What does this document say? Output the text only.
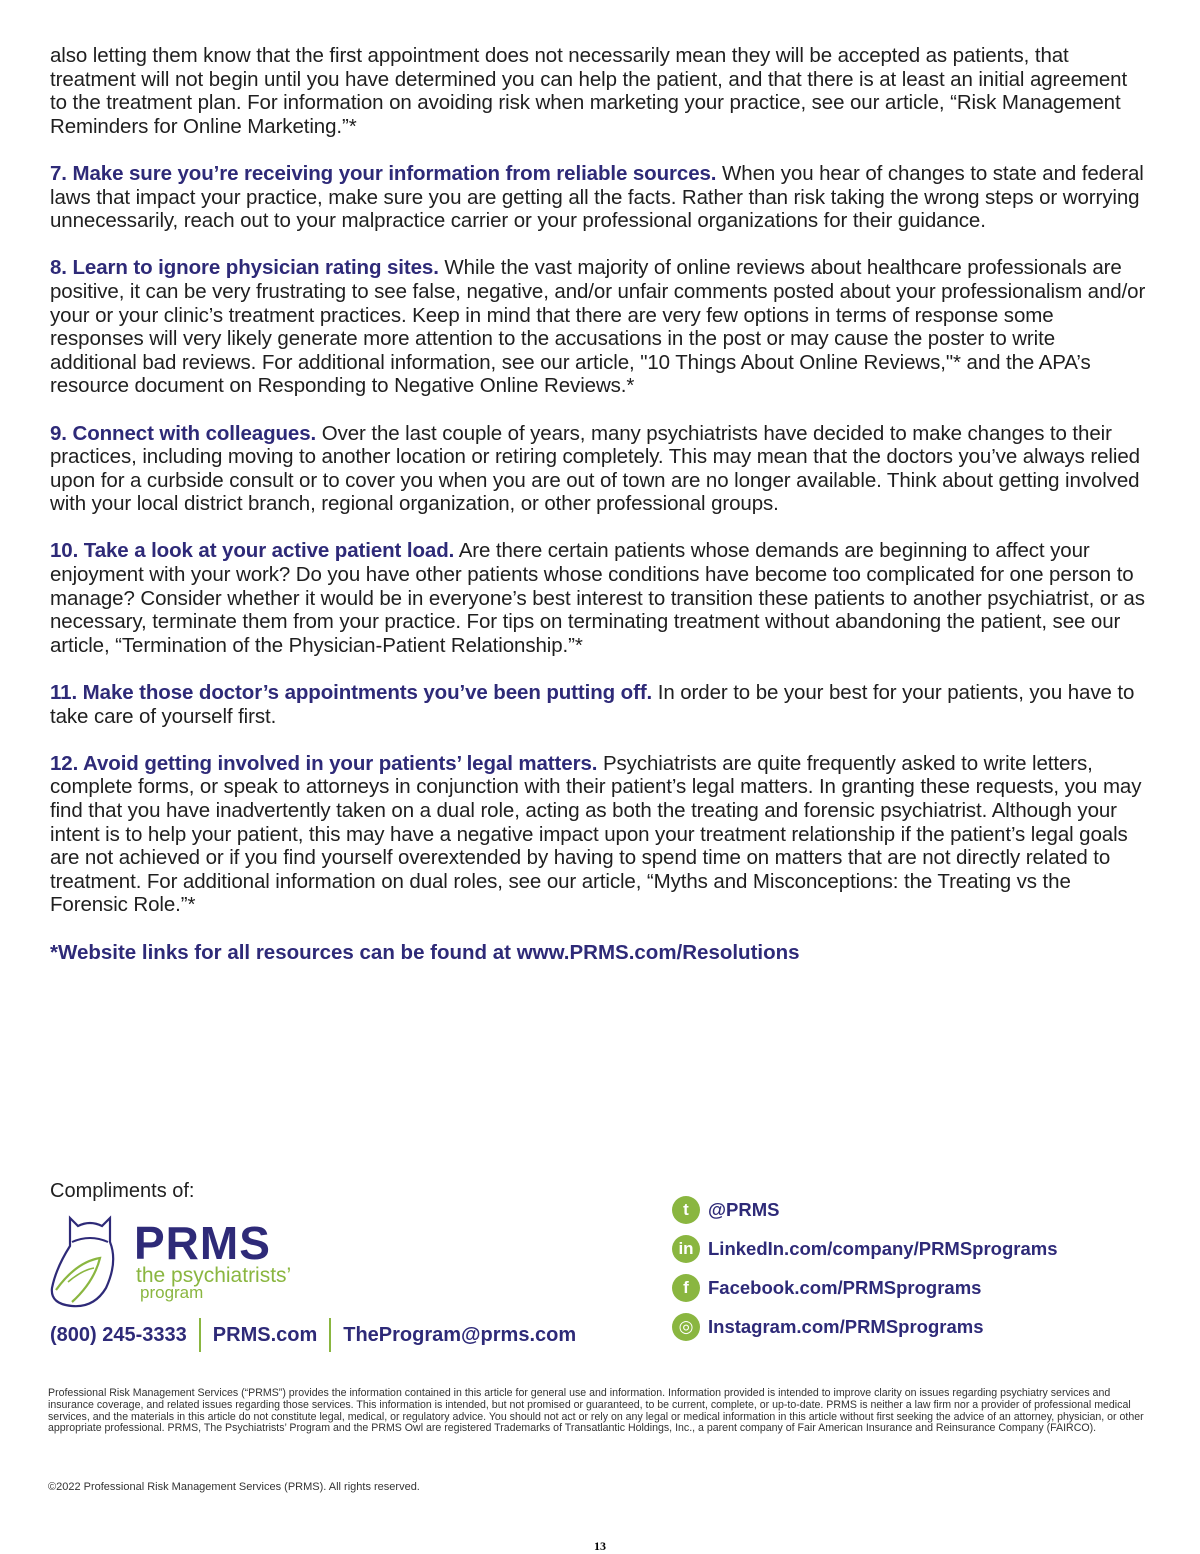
also letting them know that the first appointment does not necessarily mean they will be accepted as patients, that treatment will not begin until you have determined you can help the patient, and that there is at least an initial agreement to the treatment plan. For information on avoiding risk when marketing your practice, see our article, “Risk Management Reminders for Online Marketing.”*

7. Make sure you’re receiving your information from reliable sources. When you hear of changes to state and federal laws that impact your practice, make sure you are getting all the facts. Rather than risk taking the wrong steps or worrying unnecessarily, reach out to your malpractice carrier or your professional organizations for their guidance.

8. Learn to ignore physician rating sites. While the vast majority of online reviews about healthcare professionals are positive, it can be very frustrating to see false, negative, and/or unfair comments posted about your professionalism and/or your or your clinic’s treatment practices. Keep in mind that there are very few options in terms of response some responses will very likely generate more attention to the accusations in the post or may cause the poster to write additional bad reviews. For additional information, see our article, "10 Things About Online Reviews,"* and the APA’s resource document on Responding to Negative Online Reviews.*

9. Connect with colleagues. Over the last couple of years, many psychiatrists have decided to make changes to their practices, including moving to another location or retiring completely. This may mean that the doctors you’ve always relied upon for a curbside consult or to cover you when you are out of town are no longer available. Think about getting involved with your local district branch, regional organization, or other professional groups.

10. Take a look at your active patient load. Are there certain patients whose demands are beginning to affect your enjoyment with your work? Do you have other patients whose conditions have become too complicated for one person to manage? Consider whether it would be in everyone’s best interest to transition these patients to another psychiatrist, or as necessary, terminate them from your practice. For tips on terminating treatment without abandoning the patient, see our article, “Termination of the Physician-Patient Relationship.”*

11. Make those doctor’s appointments you’ve been putting off. In order to be your best for your patients, you have to take care of yourself first.

12. Avoid getting involved in your patients’ legal matters. Psychiatrists are quite frequently asked to write letters, complete forms, or speak to attorneys in conjunction with their patient’s legal matters. In granting these requests, you may find that you have inadvertently taken on a dual role, acting as both the treating and forensic psychiatrist. Although your intent is to help your patient, this may have a negative impact upon your treatment relationship if the patient’s legal goals are not achieved or if you find yourself overextended by having to spend time on matters that are not directly related to treatment. For additional information on dual roles, see our article, “Myths and Misconceptions: the Treating vs the Forensic Role.”*

*Website links for all resources can be found at www.PRMS.com/Resolutions

Compliments of:
PRMS
the psychiatrists’
program
(800) 245-3333 PRMS.com TheProgram@prms.com
t	@PRMS
in LinkedIn.com/company/PRMSprograms
f	Facebook.com/PRMSprograms
◎ Instagram.com/PRMSprograms

Professional Risk Management Services (“PRMS”) provides the information contained in this article for general use and information. Information provided is intended to improve clarity on issues regarding psychiatry services and insurance coverage, and related issues regarding those services. This information is intended, but not promised or guaranteed, to be current, complete, or up-to-date. PRMS is neither a law firm nor a provider of professional medical services, and the materials in this article do not constitute legal, medical, or regulatory advice. You should not act or rely on any legal or medical information in this article without first seeking the advice of an attorney, physician, or other appropriate professional. PRMS, The Psychiatrists’ Program and the PRMS Owl are registered Trademarks of Transatlantic Holdings, Inc., a parent company of Fair American Insurance and Reinsurance Company (FAIRCO).

©2022 Professional Risk Management Services (PRMS). All rights reserved.
13
